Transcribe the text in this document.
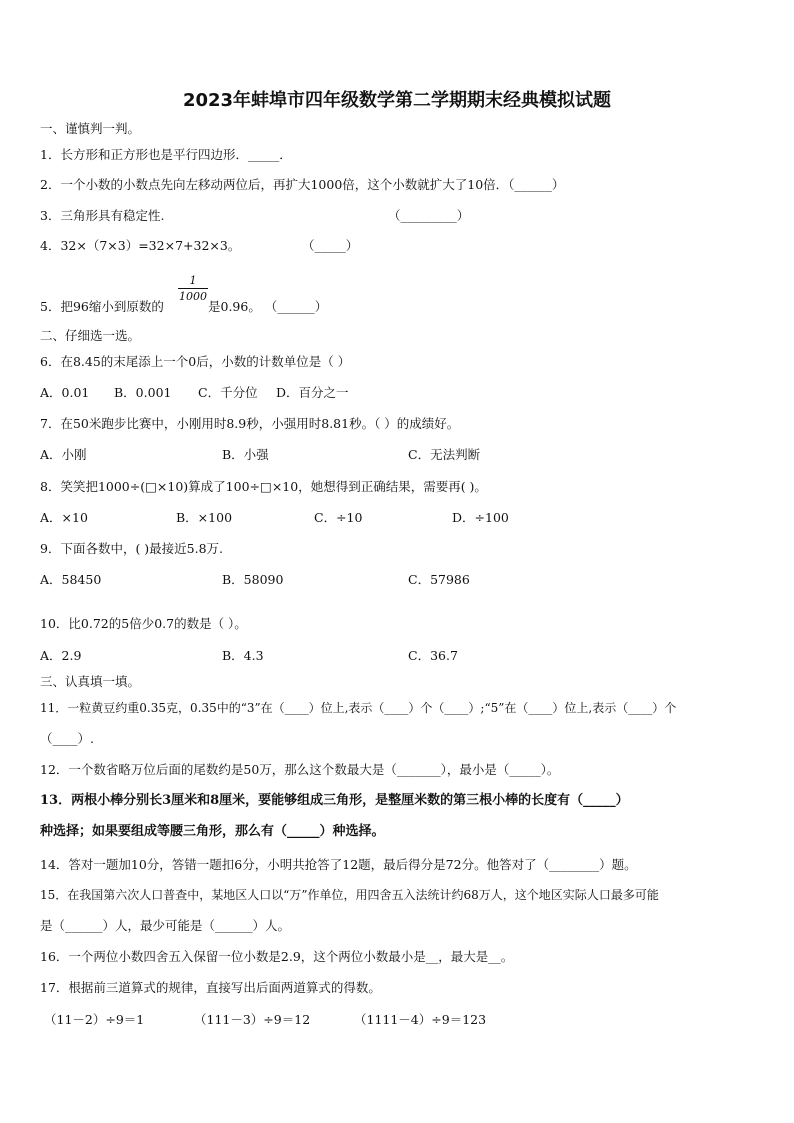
2023年蚌埠市四年级数学第二学期期末经典模拟试题
一、谨慎判一判。
1．长方形和正方形也是平行四边形．_____．
2．一个小数的小数点先向左移动两位后，再扩大1000倍，这个小数就扩大了10倍．（______）
3．三角形具有稳定性.	（_________）
4．32×（7×3）=32×7+32×3。	（_____）
5．把96缩小到原数的
$\frac{1}{1000}$
是0.96。 （______）
二、仔细选一选。
6．在8.45的末尾添上一个0后，小数的计数单位是（ ）
A．0.01 B．0.001 C．千分位 D．百分之一
7．在50米跑步比赛中，小刚用时8.9秒，小强用时8.81秒。（ ）的成绩好。
A．小刚	B．小强	C．无法判断
8．笑笑把1000÷(□×10)算成了100÷□×10，她想得到正确结果，需要再( )。
A．×10	B．×100	C．÷10	D．÷100
9．下面各数中，( )最接近5.8万.
A．58450	B．58090	C．57986
10．比0.72的5倍少0.7的数是（ ）。
A．2.9	B．4.3	C．36.7
三、认真填一填。
11．一粒黄豆约重0.35克，0.35中的“3”在（____）位上,表示（____）个（____）;“5”在（____）位上,表示（____）个
（____）.
12．一个数省略万位后面的尾数约是50万，那么这个数最大是（_______），最小是（_____）。
13．两根小棒分别长3厘米和8厘米，要能够组成三角形，是整厘米数的第三根小棒的长度有（_____）
种选择；如果要组成等腰三角形，那么有（_____）种选择。
14．答对一题加10分，答错一题扣6分，小明共抢答了12题，最后得分是72分。他答对了（________）题。
15．在我国第六次人口普查中，某地区人口以“万”作单位，用四舍五入法统计约68万人，这个地区实际人口最多可能
是（______）人，最少可能是（______）人。
16．一个两位小数四舍五入保留一位小数是2.9，这个两位小数最小是__，最大是__。
17．根据前三道算式的规律，直接写出后面两道算式的得数。
（11－2）÷9＝1	（111－3）÷9＝12	（1111－4）÷9＝123
